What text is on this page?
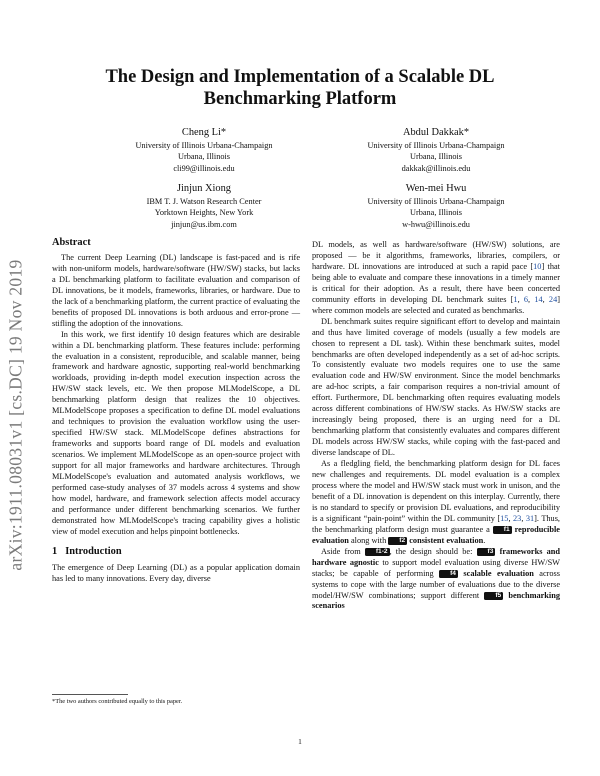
arXiv:1911.08031v1 [cs.DC] 19 Nov 2019
The Design and Implementation of a Scalable DL Benchmarking Platform
Cheng Li*
University of Illinois Urbana-Champaign
Urbana, Illinois
cli99@illinois.edu
Abdul Dakkak*
University of Illinois Urbana-Champaign
Urbana, Illinois
dakkak@illinois.edu
Jinjun Xiong
IBM T. J. Watson Research Center
Yorktown Heights, New York
jinjun@us.ibm.com
Wen-mei Hwu
University of Illinois Urbana-Champaign
Urbana, Illinois
w-hwu@illinois.edu
Abstract

The current Deep Learning (DL) landscape is fast-paced and is rife with non-uniform models, hardware/software (HW/SW) stacks, but lacks a DL benchmarking platform to facilitate evaluation and comparison of DL innovations, be it models, frameworks, libraries, or hardware. Due to the lack of a benchmarking platform, the current practice of evaluating the benefits of proposed DL innovations is both arduous and error-prone — stifling the adoption of the innovations.

In this work, we first identify 10 design features which are desirable within a DL benchmarking platform. These features include: performing the evaluation in a consistent, reproducible, and scalable manner, being framework and hardware agnostic, supporting real-world benchmarking workloads, providing in-depth model execution inspection across the HW/SW stack levels, etc. We then propose MLModelScope, a DL benchmarking platform design that realizes the 10 objectives. MLModelScope proposes a specification to define DL model evaluations and techniques to provision the evaluation workflow using the user-specified HW/SW stack. MLModelScope defines abstractions for frameworks and supports board range of DL models and evaluation scenarios. We implement MLModelScope as an open-source project with support for all major frameworks and hardware architectures. Through MLModelScope's evaluation and automated analysis workflows, we performed case-study analyses of 37 models across 4 systems and show how model, hardware, and framework selection affects model accuracy and performance under different benchmarking scenarios. We further demonstrated how MLModelScope's tracing capability gives a holistic view of model execution and helps pinpoint bottlenecks.

1 Introduction

The emergence of Deep Learning (DL) as a popular application domain has led to many innovations. Every day, diverse

DL models, as well as hardware/software (HW/SW) solutions, are proposed — be it algorithms, frameworks, libraries, compilers, or hardware. DL innovations are introduced at such a rapid pace [10] that being able to evaluate and compare these innovations in a timely manner is critical for their adoption. As a result, there have been concerted community efforts in developing DL benchmark suites [1, 6, 14, 24] where common models are selected and curated as benchmarks.

DL benchmark suites require significant effort to develop and maintain and thus have limited coverage of models (usually a few models are chosen to represent a DL task). Within these benchmark suites, model benchmarks are often developed independently as a set of ad-hoc scripts. To consistently evaluate two models requires one to use the same evaluation code and HW/SW environment. Since the model benchmarks are ad-hoc scripts, a fair comparison requires a non-trivial amount of effort. Furthermore, DL benchmarking often requires evaluating models across different combinations of HW/SW stacks. As HW/SW stacks are increasingly being proposed, there is an urging need for a DL benchmarking platform that consistently evaluates and compares different DL models across HW/SW stacks, while coping with the fast-paced and diverse landscape of DL.

As a fledgling field, the benchmarking platform design for DL faces new challenges and requirements. DL model evaluation is a complex process where the model and HW/SW stack must work in unison, and the benefit of a DL innovation is dependent on this interplay. Currently, there is no standard to specify or provision DL evaluations, and reproducibility is a significant “pain-point” within the DL community [15, 23, 31]. Thus, the benchmarking platform design must guarantee a f1 reproducible evaluation along with f2 consistent evaluation.

Aside from f1-2 , the design should be: f3 frameworks and hardware agnostic to support model evaluation using diverse HW/SW stacks; be capable of performing f4 scalable evaluation across systems to cope with the large number of evaluations due to the diverse model/HW/SW combinations; support different f5 benchmarking scenarios

*The two authors contributed equally to this paper.
1
